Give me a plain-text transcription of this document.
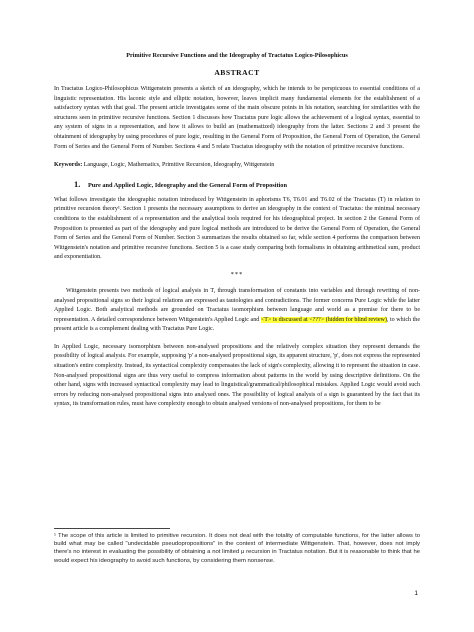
Primitive Recursive Functions and the Ideography of Tractatus Logico-Pilosophicus
ABSTRACT

In Tractatus Logico-Philosophicus Wittgenstein presents a sketch of an ideography, which he intends to be perspicuous to essential conditions of a linguistic representation. His laconic style and elliptic notation, however, leaves implicit many fundamental elements for the establishment of a satisfactory syntax with that goal. The present article investigates some of the main obscure points in his notation, searching for similarities with the structures seen in primitive recursive functions. Section 1 discusses how Tractatus pure logic allows the achievement of a logical syntax, essential to any system of signs in a representation, and how it allows to build an (mathematized) ideography from the latter. Sections 2 and 3 present the obtainment of ideography by using procedures of pure logic, resulting in the General Form of Proposition, the General Form of Operation, the General Form of Series and the General Form of Number. Sections 4 and 5 relate Tractatus ideography with the notation of primitive recursive functions.

Keywords: Language, Logic, Mathematics, Primitive Recursion, Ideography, Wittgenstein

1. Pure and Applied Logic, Ideography and the General Form of Proposition

What follows investigate the ideographic notation introduced by Wittgenstein in aphorisms T6, T6.01 and T6.02 of the Tractatus (T) in relation to primitive recursion theory¹. Section 1 presents the necessary assumptions to derive an ideography in the context of Tractatus: the minimal necessary conditions to the establishment of a representation and the analytical tools required for his ideographical project. In section 2 the General Form of Proposition is presented as part of the ideography and pure logical methods are introduced to be derive the General Form of Operation, the General Form of Series and the General Form of Number. Section 3 summarizes the results obtained so far, while section 4 performs the comparison between Wittgenstein's notation and primitive recursive functions. Section 5 is a case study comparing both formalisms in obtaining arithmetical sum, product and exponentiation.

***

Wittgenstein presents two methods of logical analysis in T, through transformation of constants into variables and through rewriting of non-analysed propositional signs so their logical relations are expressed as tautologies and contradictions. The former concerns Pure Logic while the latter Applied Logic. Both analytical methods are grounded on Tractatus isomorphism between language and world as a premise for there to be representation. A detailed correspondence between Wittgenstein's Applied Logic and <T> is discussed at <???> (hidden for blind review), to which the present article is a complement dealing with Tractatus Pure Logic.

In Applied Logic, necessary isomorphism between non-analysed propositions and the relatively complex situation they represent demands the possibility of logical analysis. For example, supposing 'p' a non-analysed propositional sign, its apparent structure, 'p', does not express the represented situation's entire complexity. Instead, its syntactical complexity compensates the lack of sign's complexity, allowing it to represent the situation in case. Non-analysed propositional signs are thus very useful to compress information about patterns in the world by using descriptive definitions. On the other hand, signs with increased syntactical complexity may lead to linguistical/grammatical/philosophical mistakes. Applied Logic would avoid such errors by reducing non-analysed propositional signs into analysed ones. The possibility of logical analysis of a sign is guaranteed by the fact that its syntax, its transformation rules, must have complexity enough to obtain analysed versions of non-analysed propositions, for them to be

¹ The scope of this article is limited to primitive recursion. It does not deal with the totality of computable functions, for the latter allows to build what may be called "undecidable pseudopropositions" in the context of intermediate Wittgenstein. That, however, does not imply there's no interest in evaluating the possibility of obtaining a not limited μ recursion in Tractatus notation. But it is reasonable to think that he would expect his ideography to avoid such functions, by considering them nonsense.
1
